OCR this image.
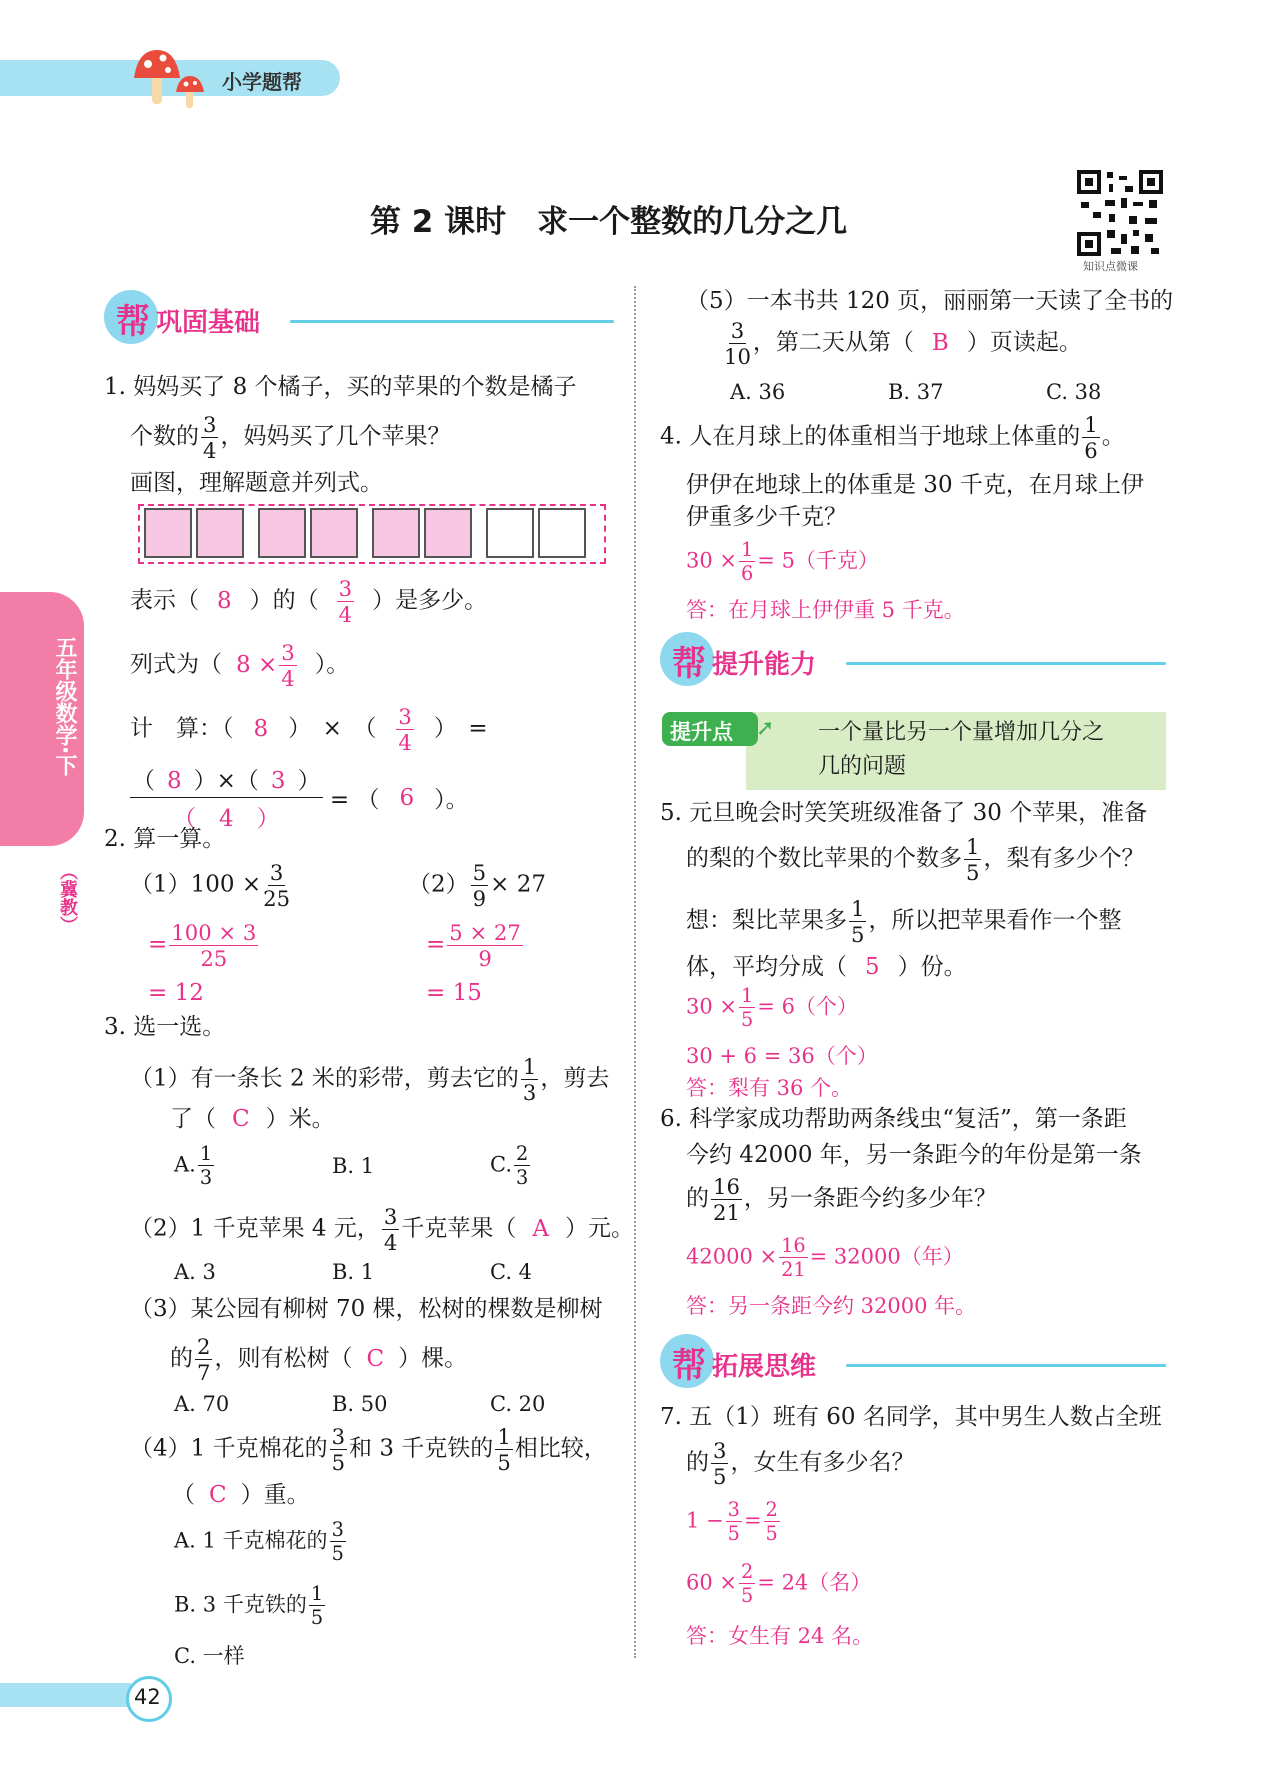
小学题帮
第 2 课时　求一个整数的几分之几
知识点微课
五年级数学·下
（冀教）
帮 巩固基础
1. 妈妈买了 8 个橘子，买的苹果的个数是橘子
个数的 $\frac{3}{4}$ ，妈妈买了几个苹果？
画图，理解题意并列式。
表示（ 8 ）的（ $\frac{3}{4}$ ）是多少。
列式为（ $8 \times \frac{3}{4}$ ）。
计　算：（ 8 ）　×　（ $\frac{3}{4}$ ）　=
$\frac{( 8 )\times( 3 )}{( 4 )}$ = （ 6 ）。
2. 算一算。
$(1)100 \times \frac{3}{25}$
= $\frac{100 \times 3}{25}$
= 12
$(2) \frac{5}{9} \times 27$
= $\frac{5 \times 27}{9}$
= 15
3. 选一选。
（1）有一条长 2 米的彩带，剪去它的 $\frac{1}{3}$ ，剪去
了（ C ）米。
A. $\frac{1}{3}$	B. 1	C. $\frac{2}{3}$
（2）1 千克苹果 4 元， $\frac{3}{4}$ 千克苹果（ A ）元。
A. 3	B. 1	C. 4
（3）某公园有柳树 70 棵，松树的棵数是柳树
的 $\frac{2}{7}$ ，则有松树（ C ）棵。
A. 70	B. 50	C. 20
（4）1 千克棉花的 $\frac{3}{5}$ 和 3 千克铁的 $\frac{1}{5}$ 相比较，
（ C ）重。
A. 1 千克棉花的 $\frac{3}{5}$
B. 3 千克铁的 $\frac{1}{5}$
C. 一样
（5）一本书共 120 页，丽丽第一天读了全书的
$\frac{3}{10}$ ，第二天从第（ B ）页读起。
A. 36	B. 37	C. 38
4. 人在月球上的体重相当于地球上体重的 $\frac{1}{6}$ 。
伊伊在地球上的体重是 30 千克，在月球上伊
伊重多少千克？
$30 \times \frac{1}{6} = 5$（千克）
答：在月球上伊伊重 5 千克。
帮 提升能力
提升点 ➚ 一个量比另一个量增加几分之
几的问题
5. 元旦晚会时笑笑班级准备了 30 个苹果，准备
的梨的个数比苹果的个数多 $\frac{1}{5}$ ，梨有多少个？
想：梨比苹果多 $\frac{1}{5}$ ，所以把苹果看作一个整
体，平均分成（ 5 ）份。
$30 \times \frac{1}{5} = 6$（个）
30 + 6 = 36（个）
答：梨有 36 个。
6. 科学家成功帮助两条线虫“复活”，第一条距
今约 42000 年，另一条距今的年份是第一条
的 $\frac{16}{21}$ ，另一条距今约多少年？
$42000 \times \frac{16}{21} = 32000$（年）
答：另一条距今约 32000 年。
帮 拓展思维
7. 五（1）班有 60 名同学，其中男生人数占全班
的 $\frac{3}{5}$ ，女生有多少名？
$1 - \frac{3}{5} = \frac{2}{5}$
$60 \times \frac{2}{5} = 24$（名）
答：女生有 24 名。
42
